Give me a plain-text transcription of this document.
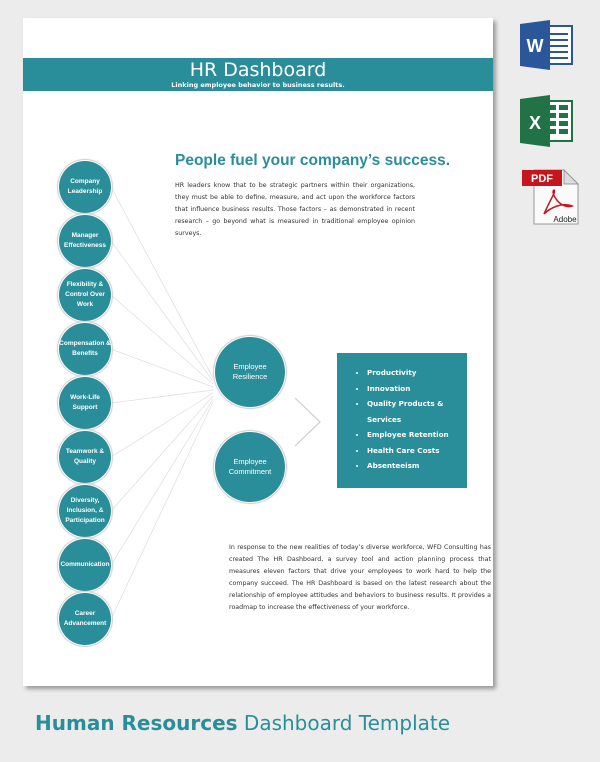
HR Dashboard
Linking employee behavior to business results.
People fuel your company’s success.
HR leaders know that to be strategic partners within their organizations, they must be able to define, measure, and act upon the workforce factors that influence business results. Those factors – as demonstrated in recent research – go beyond what is measured in traditional employee opinion surveys.
Company Leadership
Manager Effectiveness
Flexibility & Control Over Work
Compensation & Benefits
Work-Life Support
Teamwork & Quality
Diversity, Inclusion, & Participation
Communication
Career Advancement
Employee Resilience
Employee Commitment
• Productivity
• Innovation
• Quality Products & Services
• Employee Retention
• Health Care Costs
• Absenteeism
In response to the new realities of today’s diverse workforce, WFD Consulting has created The HR Dashboard, a survey tool and action planning process that measures eleven factors that drive your employees to work hard to help the company succeed. The HR Dashboard is based on the latest research about the relationship of employee attitudes and behaviors to business results. It provides a roadmap to increase the effectiveness of your workforce.
Human Resources Dashboard Template
W
X
PDF
Adobe
